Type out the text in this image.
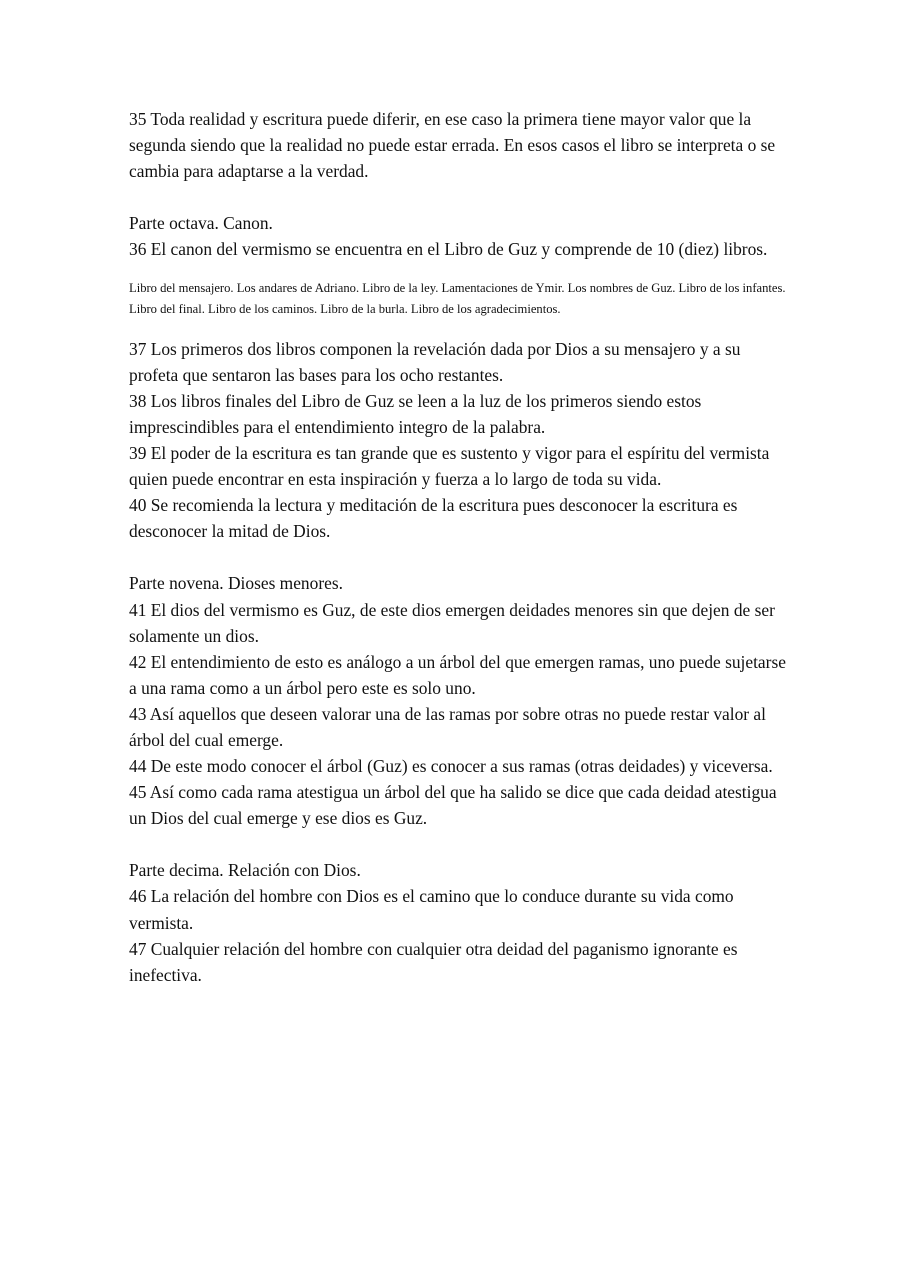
35 Toda realidad y escritura puede diferir, en ese caso la primera tiene mayor valor que la segunda siendo que la realidad no puede estar errada. En esos casos el libro se interpreta o se cambia para adaptarse a la verdad.

Parte octava. Canon.

36 El canon del vermismo se encuentra en el Libro de Guz y comprende de 10 (diez) libros.

Libro del mensajero. Los andares de Adriano. Libro de la ley. Lamentaciones de Ymir. Los nombres de Guz. Libro de los infantes. Libro del final. Libro de los caminos. Libro de la burla. Libro de los agradecimientos.

37 Los primeros dos libros componen la revelación dada por Dios a su mensajero y a su profeta que sentaron las bases para los ocho restantes.

38 Los libros finales del Libro de Guz se leen a la luz de los primeros siendo estos imprescindibles para el entendimiento integro de la palabra.

39 El poder de la escritura es tan grande que es sustento y vigor para el espíritu del vermista quien puede encontrar en esta inspiración y fuerza a lo largo de toda su vida.

40 Se recomienda la lectura y meditación de la escritura pues desconocer la escritura es desconocer la mitad de Dios.

Parte novena. Dioses menores.

41 El dios del vermismo es Guz, de este dios emergen deidades menores sin que dejen de ser solamente un dios.

42 El entendimiento de esto es análogo a un árbol del que emergen ramas, uno puede sujetarse a una rama como a un árbol pero este es solo uno.

43 Así aquellos que deseen valorar una de las ramas por sobre otras no puede restar valor al árbol del cual emerge.

44 De este modo conocer el árbol (Guz) es conocer a sus ramas (otras deidades) y viceversa.

45 Así como cada rama atestigua un árbol del que ha salido se dice que cada deidad atestigua un Dios del cual emerge y ese dios es Guz.

Parte decima. Relación con Dios.

46 La relación del hombre con Dios es el camino que lo conduce durante su vida como vermista.

47 Cualquier relación del hombre con cualquier otra deidad del paganismo ignorante es inefectiva.
